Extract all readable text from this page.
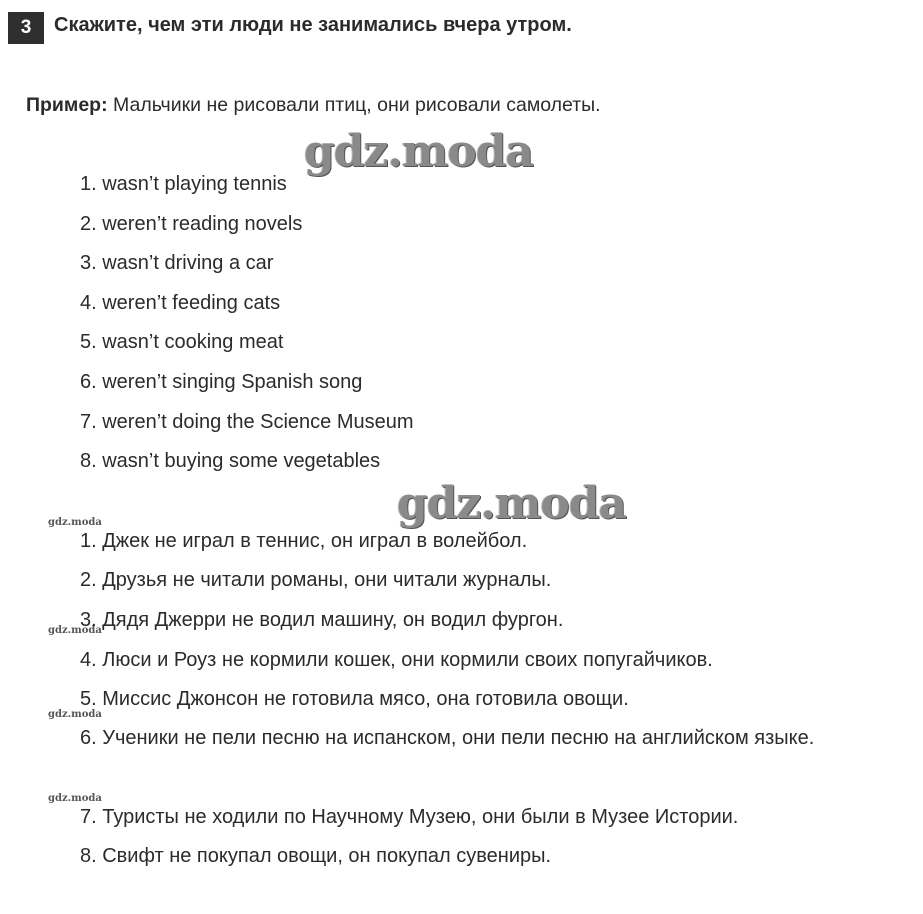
3	Скажите, чем эти люди не занимались вчера утром.
Пример: Мальчики не рисовали птиц, они рисовали самолеты.
gdz.moda
1. wasn’t playing tennis
2. weren’t reading novels
3. wasn’t driving a car
4. weren’t feeding cats
5. wasn’t cooking meat
6. weren’t singing Spanish song
7. weren’t doing the Science Museum
8. wasn’t buying some vegetables
gdz.moda
gdz.moda
gdz.moda
gdz.moda
gdz.moda
1. Джек не играл в теннис, он играл в волейбол.
2. Друзья не читали романы, они читали журналы.
3. Дядя Джерри не водил машину, он водил фургон.
4. Люси и Роуз не кормили кошек, они кормили своих попугайчиков.
5. Миссис Джонсон не готовила мясо, она готовила овощи.
6. Ученики не пели песню на испанском, они пели песню на английском языке.
7. Туристы не ходили по Научному Музею, они были в Музее Истории.
8. Свифт не покупал овощи, он покупал сувениры.
